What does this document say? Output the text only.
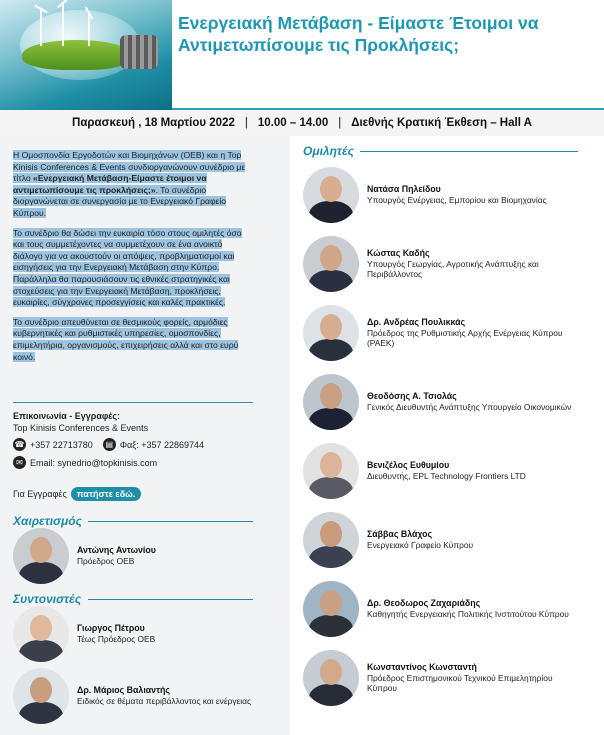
Ενεργειακή Μετάβαση - Είμαστε Έτοιμοι να Αντιμετωπίσουμε τις Προκλήσεις;
Παρασκευή , 18 Μαρτίου 2022 | 10.00 – 14.00 | Διεθνής Κρατική Έκθεση – Hall A

Η Ομοσπονδία Εργοδοτών και Βιομηχάνων (ΟΕΒ) και η Top Kinisis Conferences & Events συνδιοργανώνουν συνέδριο με τίτλο «Ενεργειακή Μετάβαση-Είμαστε έτοιμοι να αντιμετωπίσουμε τις προκλήσεις;». Το συνέδριο διοργανώνεται σε συνεργασία με το Ενεργειακό Γραφείο Κύπρου.

Το συνέδριο θα δώσει την ευκαιρία τόσο στους ομιλητές όσο και τους συμμετέχοντες να συμμετέχουν σε ένα ανοικτό διάλογο για να ακουστούν οι απόψεις, προβληματισμοί και εισηγήσεις για την Ενεργειακή Μετάβαση στην Κύπρο. Παράλληλα θα παρουσιάσουν τις εθνικές στρατηγικές και στοχεύσεις για την Ενεργειακή Μετάβαση, προκλήσεις, ευκαιρίες, σύγχρονες προσεγγίσεις και καλές πρακτικές.

Το συνέδριο απευθύνεται σε θεσμικούς φορείς, αρμόδιες κυβερνητικές και ρυθμιστικές υπηρεσίες, ομοσπονδίες, επιμελητήρια, οργανισμούς, επιχειρήσεις αλλά και στο ευρύ κοινό.

Επικοινωνία - Εγγραφές:
Top Kinisis Conferences & Events
☎ +357 22713780	▤ Φαξ: +357 22869744
✉ Email: synedrio@topkinisis.com
Για Εγγραφές	πατήστε εδώ.
Χαιρετισμός
Αντώνης Αντωνίου
Πρόεδρος ΟΕΒ
Συντονιστές
Γιωργος Πέτρου
Τέως Πρόεδρος ΟΕΒ
Δρ. Μάριος Βαλιαντής
Ειδικός σε θέματα περιβάλλοντος και ενέργειας
Ομιλητές
Νατάσα Πηλείδου
Υπουργός Ενέργειας, Εμπορίου και Βιομηχανίας
Κώστας Καδής
Υπουργός Γεωργίας, Αγροτικής Ανάπτυξης και Περιβάλλοντος
Δρ. Ανδρέας Πουλικκάς
Πρόεδρος της Ρυθμιστικής Αρχής Ενέργειας Κύπρου (ΡΑΕΚ)
Θεοδόσης Α. Τσιολάς
Γενικός Διευθυντής Ανάπτυξης Υπουργείο Οικονομικών
Βενιζέλος Ευθυμίου
Διευθυντής, EPL Technology Frontiers LTD
Σάββας Βλάχος
Ενεργειακό Γραφείο Κύπρου
Δρ. Θεοδωρος Ζαχαριάδης
Καθηγητής Ενεργειακής Πολιτικής Ινστιτούτου Κύπρου
Κωνσταντίνος Κωνσταντή
Πρόεδρος Επιστημονικού Τεχνικού Επιμελητηρίου Κύπρου
